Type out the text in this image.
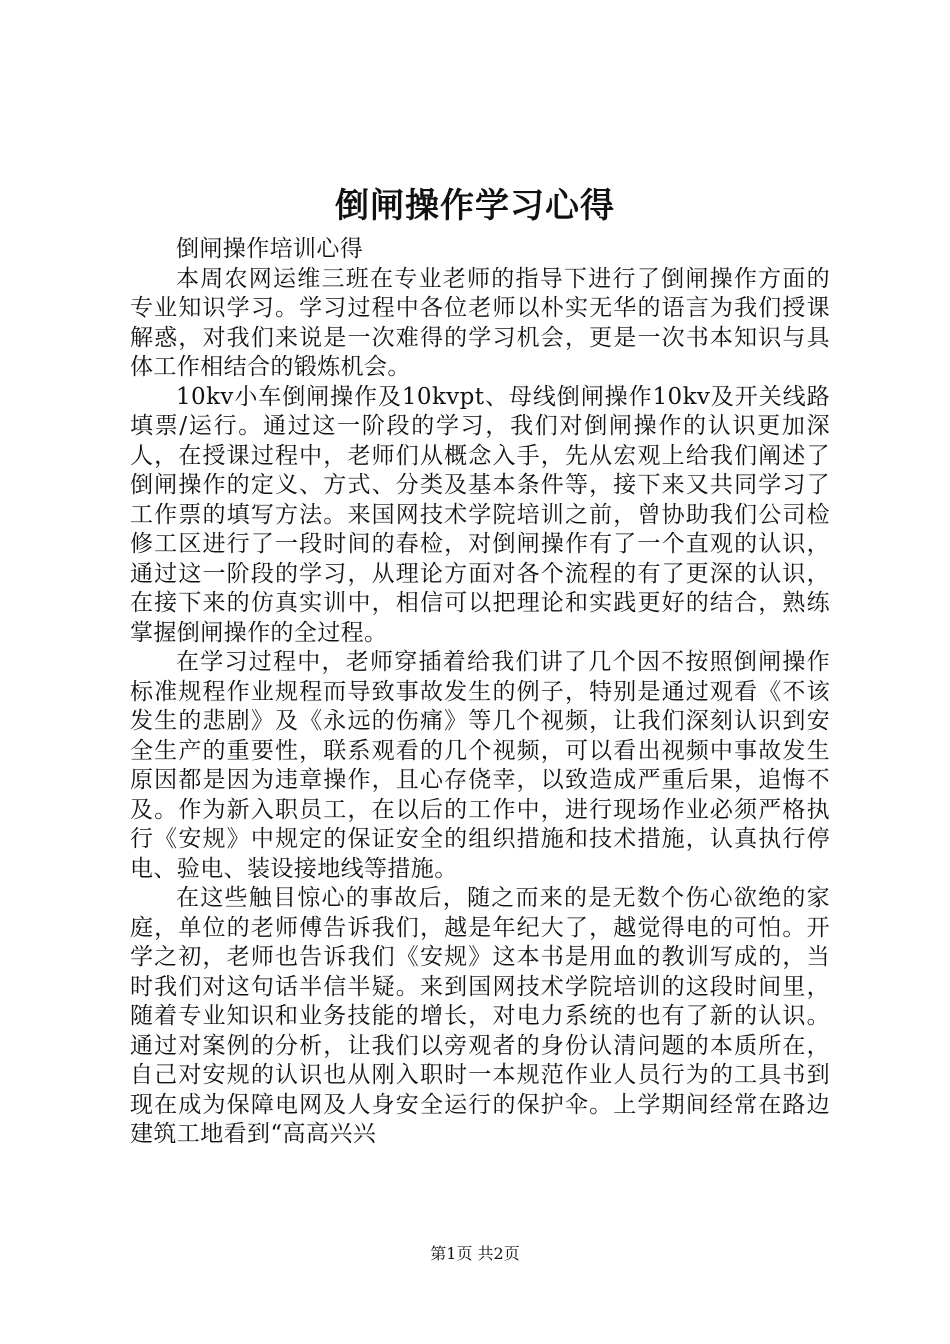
倒闸操作学习心得

倒闸操作培训心得

本周农网运维三班在专业老师的指导下进行了倒闸操作方面的专业知识学习。学习过程中各位老师以朴实无华的语言为我们授课解惑，对我们来说是一次难得的学习机会，更是一次书本知识与具体工作相结合的锻炼机会。

10kv小车倒闸操作及10kvpt、母线倒闸操作10kv及开关线路填票/运行。通过这一阶段的学习，我们对倒闸操作的认识更加深人，在授课过程中，老师们从概念入手，先从宏观上给我们阐述了倒闸操作的定义、方式、分类及基本条件等，接下来又共同学习了工作票的填写方法。来国网技术学院培训之前，曾协助我们公司检修工区进行了一段时间的春检，对倒闸操作有了一个直观的认识，通过这一阶段的学习，从理论方面对各个流程的有了更深的认识，在接下来的仿真实训中，相信可以把理论和实践更好的结合，熟练掌握倒闸操作的全过程。

在学习过程中，老师穿插着给我们讲了几个因不按照倒闸操作标准规程作业规程而导致事故发生的例子，特别是通过观看《不该发生的悲剧》及《永远的伤痛》等几个视频，让我们深刻认识到安全生产的重要性，联系观看的几个视频，可以看出视频中事故发生原因都是因为违章操作，且心存侥幸，以致造成严重后果，追悔不及。作为新入职员工，在以后的工作中，进行现场作业必须严格执行《安规》中规定的保证安全的组织措施和技术措施，认真执行停电、验电、装设接地线等措施。

在这些触目惊心的事故后，随之而来的是无数个伤心欲绝的家庭，单位的老师傅告诉我们，越是年纪大了，越觉得电的可怕。开学之初，老师也告诉我们《安规》这本书是用血的教训写成的，当时我们对这句话半信半疑。来到国网技术学院培训的这段时间里，随着专业知识和业务技能的增长，对电力系统的也有了新的认识。通过对案例的分析，让我们以旁观者的身份认清问题的本质所在，自己对安规的认识也从刚入职时一本规范作业人员行为的工具书到现在成为保障电网及人身安全运行的保护伞。上学期间经常在路边建筑工地看到“高高兴兴

第1页 共2页
